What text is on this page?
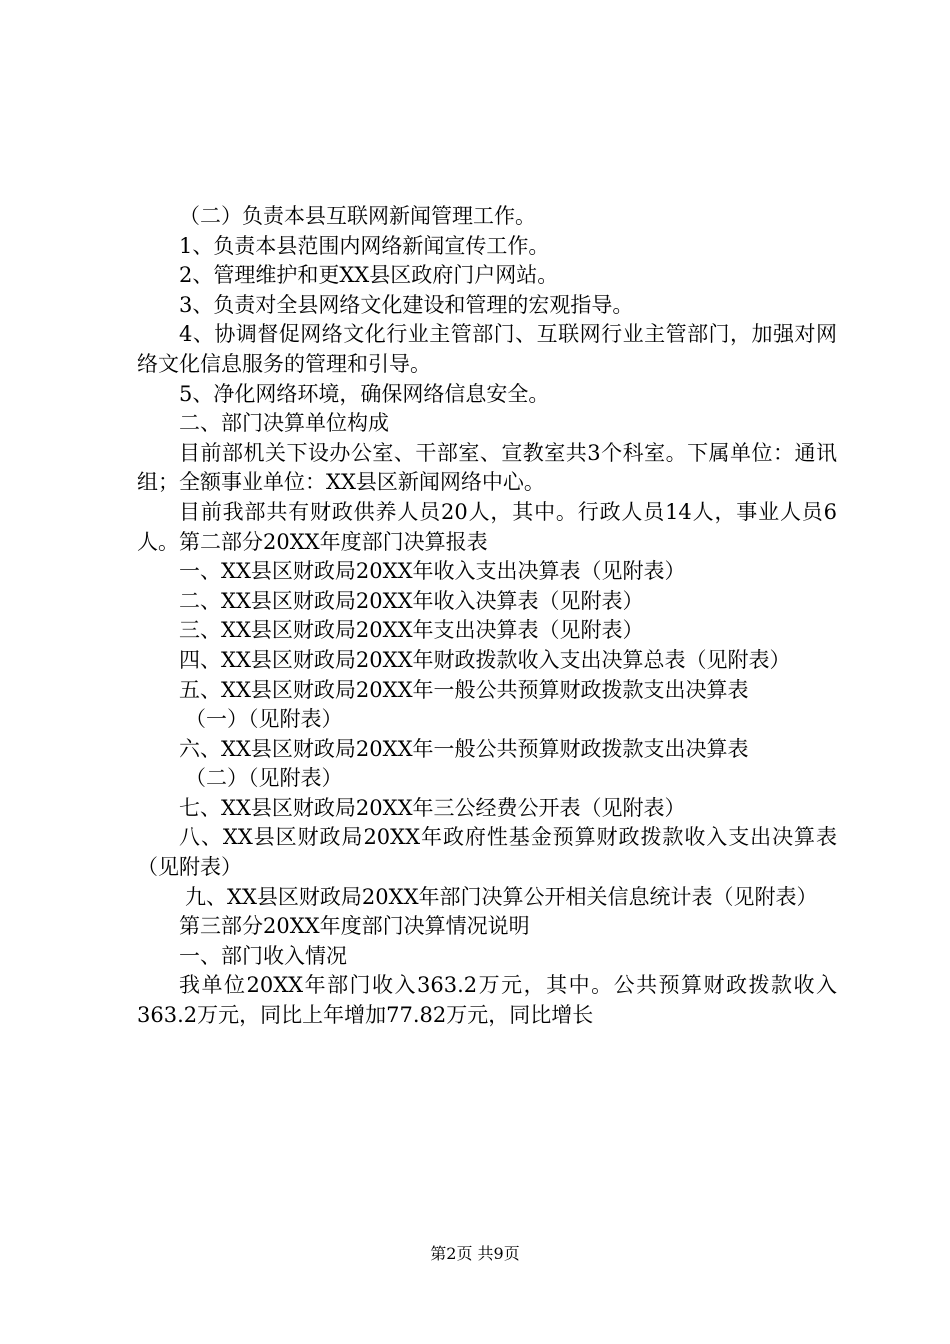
（二）负责本县互联网新闻管理工作。

1、负责本县范围内网络新闻宣传工作。

2、管理维护和更XX县区政府门户网站。

3、负责对全县网络文化建设和管理的宏观指导。

4、协调督促网络文化行业主管部门、互联网行业主管部门，加强对网络文化信息服务的管理和引导。

5、净化网络环境，确保网络信息安全。

二、部门决算单位构成

目前部机关下设办公室、干部室、宣教室共3个科室。下属单位：通讯组；全额事业单位：XX县区新闻网络中心。

目前我部共有财政供养人员20人，其中。行政人员14人，事业人员6人。第二部分20XX年度部门决算报表

一、XX县区财政局20XX年收入支出决算表（见附表）

二、XX县区财政局20XX年收入决算表（见附表）

三、XX县区财政局20XX年支出决算表（见附表）

四、XX县区财政局20XX年财政拨款收入支出决算总表（见附表）

五、XX县区财政局20XX年一般公共预算财政拨款支出决算表

（一）（见附表）

六、XX县区财政局20XX年一般公共预算财政拨款支出决算表

（二）（见附表）

七、XX县区财政局20XX年三公经费公开表（见附表）

八、XX县区财政局20XX年政府性基金预算财政拨款收入支出决算表（见附表）

九、XX县区财政局20XX年部门决算公开相关信息统计表（见附表）

第三部分20XX年度部门决算情况说明

一、部门收入情况

我单位20XX年部门收入363.2万元，其中。公共预算财政拨款收入363.2万元，同比上年增加77.82万元，同比增长

第2页 共9页
